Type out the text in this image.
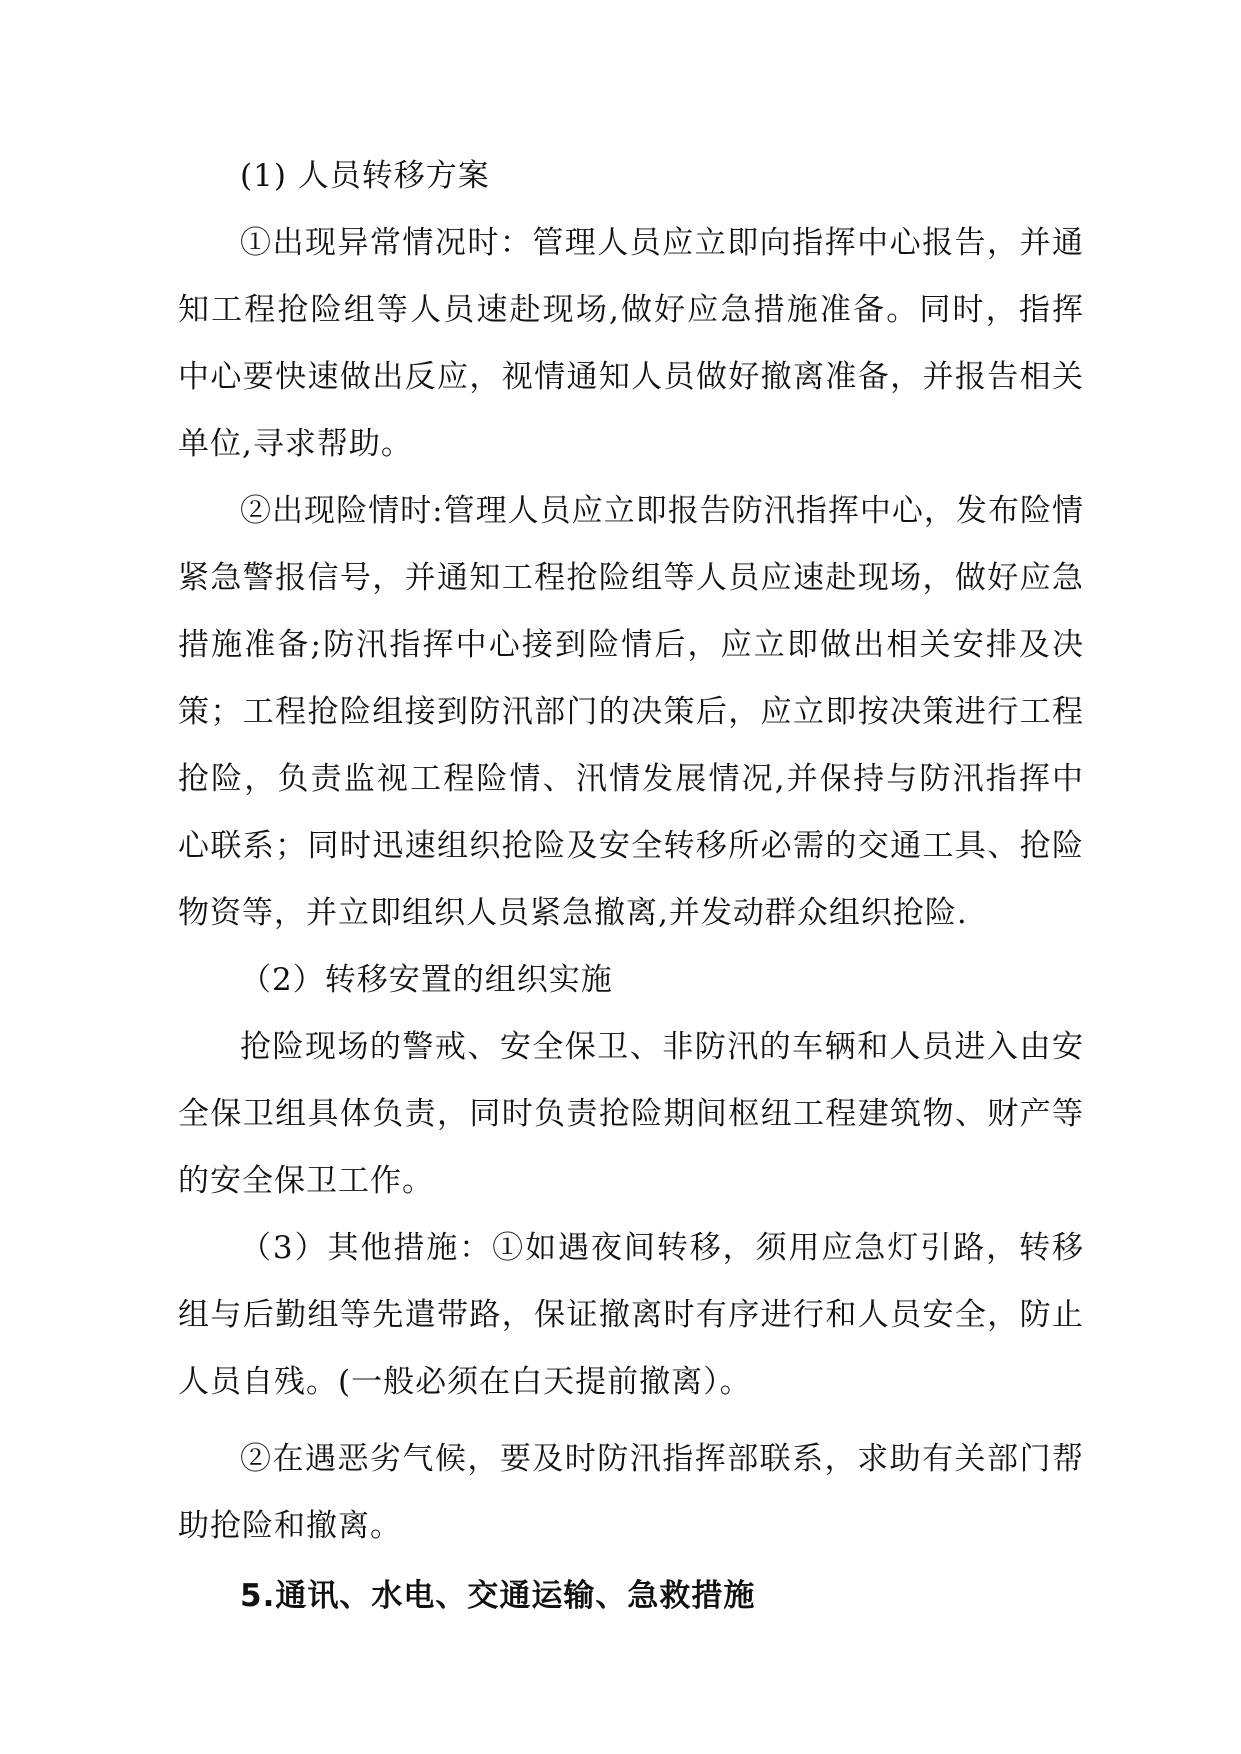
(1) 人员转移方案

①出现异常情况时：管理人员应立即向指挥中心报告，并通知工程抢险组等人员速赴现场,做好应急措施准备。同时，指挥中心要快速做出反应，视情通知人员做好撤离准备，并报告相关单位,寻求帮助。

②出现险情时:管理人员应立即报告防汛指挥中心，发布险情紧急警报信号，并通知工程抢险组等人员应速赴现场，做好应急措施准备;防汛指挥中心接到险情后，应立即做出相关安排及决策；工程抢险组接到防汛部门的决策后，应立即按决策进行工程抢险，负责监视工程险情、汛情发展情况,并保持与防汛指挥中心联系；同时迅速组织抢险及安全转移所必需的交通工具、抢险物资等，并立即组织人员紧急撤离,并发动群众组织抢险.

（2）转移安置的组织实施

抢险现场的警戒、安全保卫、非防汛的车辆和人员进入由安全保卫组具体负责，同时负责抢险期间枢纽工程建筑物、财产等的安全保卫工作。

（3）其他措施：①如遇夜间转移，须用应急灯引路，转移组与后勤组等先遣带路，保证撤离时有序进行和人员安全，防止人员自残。(一般必须在白天提前撤离）。

②在遇恶劣气候，要及时防汛指挥部联系，求助有关部门帮助抢险和撤离。

5.通讯、水电、交通运输、急救措施
